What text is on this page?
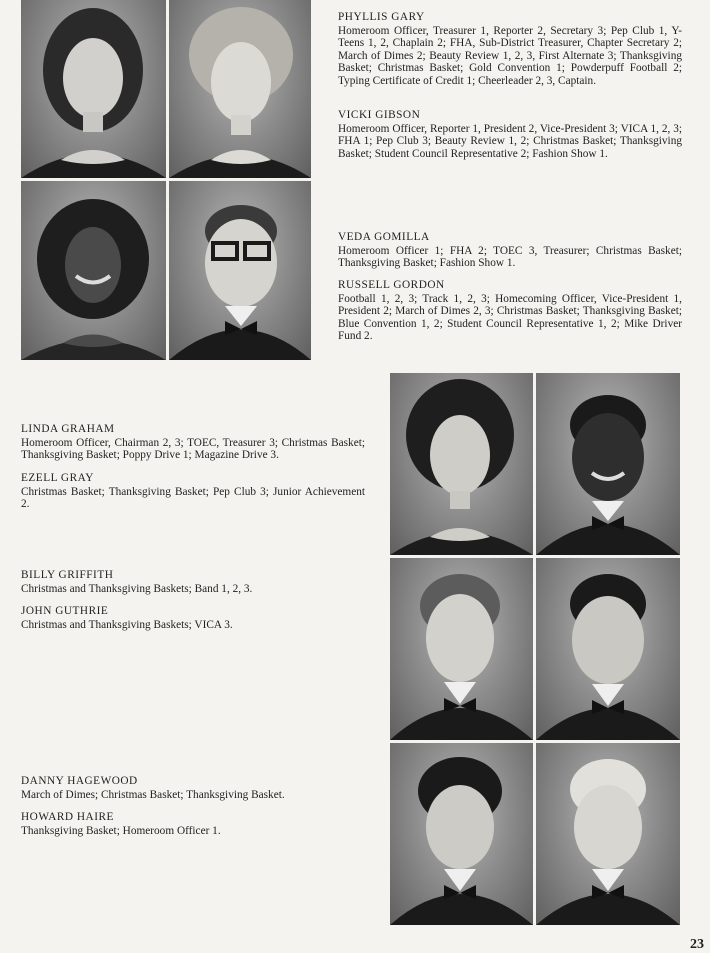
PHYLLIS GARY
Homeroom Officer, Treasurer 1, Reporter 2, Secretary 3; Pep Club 1, Y-Teens 1, 2, Chaplain 2; FHA, Sub-District Treasurer, Chapter Secretary 2; March of Dimes 2; Beauty Review 1, 2, 3, First Alternate 3; Thanksgiving Basket; Christmas Basket; Gold Convention 1; Powderpuff Football 2; Typing Certificate of Credit 1; Cheerleader 2, 3, Captain.
VICKI GIBSON
Homeroom Officer, Reporter 1, President 2, Vice-President 3; VICA 1, 2, 3; FHA 1; Pep Club 3; Beauty Review 1, 2; Christmas Basket; Thanksgiving Basket; Student Council Representative 2; Fashion Show 1.
VEDA GOMILLA
Homeroom Officer 1; FHA 2; TOEC 3, Treasurer; Christmas Basket; Thanksgiving Basket; Fashion Show 1.
RUSSELL GORDON
Football 1, 2, 3; Track 1, 2, 3; Homecoming Officer, Vice-President 1, President 2; March of Dimes 2, 3; Christmas Basket; Thanksgiving Basket; Blue Convention 1, 2; Student Council Representative 1, 2; Mike Driver Fund 2.
LINDA GRAHAM
Homeroom Officer, Chairman 2, 3; TOEC, Treasurer 3; Christmas Basket; Thanksgiving Basket; Poppy Drive 1; Magazine Drive 3.
EZELL GRAY
Christmas Basket; Thanksgiving Basket; Pep Club 3; Junior Achievement 2.
BILLY GRIFFITH
Christmas and Thanksgiving Baskets; Band 1, 2, 3.
JOHN GUTHRIE
Christmas and Thanksgiving Baskets; VICA 3.
DANNY HAGEWOOD
March of Dimes; Christmas Basket; Thanksgiving Basket.
HOWARD HAIRE
Thanksgiving Basket; Homeroom Officer 1.
23
